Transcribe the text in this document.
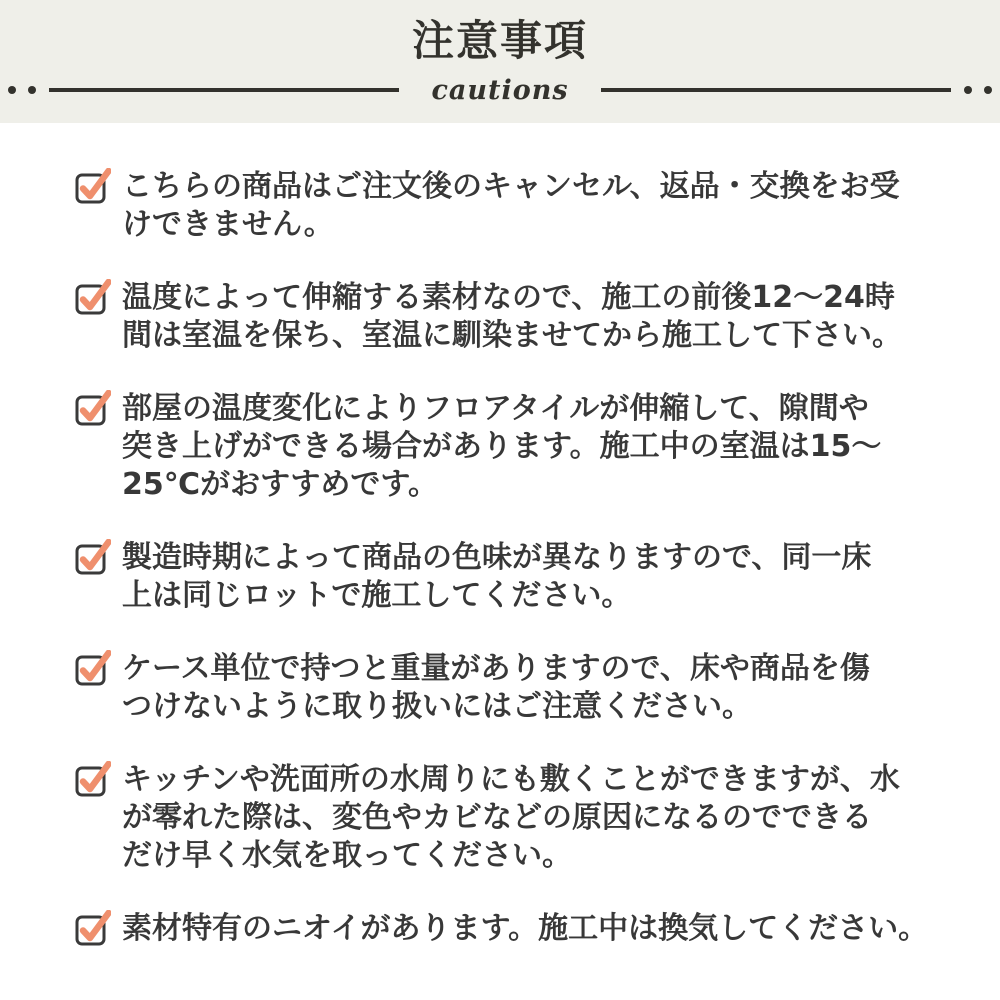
注意事項
cautions
こちらの商品はご注文後のキャンセル、返品・交換をお受
けできません。
温度によって伸縮する素材なので、施工の前後12〜24時
間は室温を保ち、室温に馴染ませてから施工して下さい。
部屋の温度変化によりフロアタイルが伸縮して、隙間や
突き上げができる場合があります。施工中の室温は15〜
25℃がおすすめです。
製造時期によって商品の色味が異なりますので、同一床
上は同じロットで施工してください。
ケース単位で持つと重量がありますので、床や商品を傷
つけないように取り扱いにはご注意ください。
キッチンや洗面所の水周りにも敷くことができますが、水
が零れた際は、変色やカビなどの原因になるのでできる
だけ早く水気を取ってください。
素材特有のニオイがあります。施工中は換気してください。
